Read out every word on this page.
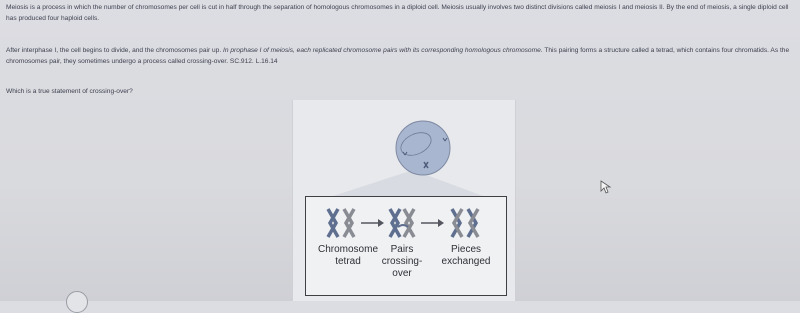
Meiosis is a process in which the number of chromosomes per cell is cut in half through the separation of homologous chromosomes in a diploid cell. Meiosis usually involves two distinct divisions called meiosis I and meiosis II. By the end of meiosis, a single diploid cell has produced four haploid cells.

After interphase I, the cell begins to divide, and the chromosomes pair up. In prophase I of meiosis, each replicated chromosome pairs with its corresponding homologous chromosome. This pairing forms a structure called a tetrad, which contains four chromatids. As the chromosomes pair, they sometimes undergo a process called crossing-over. SC.912. L.16.14

Which is a true statement of crossing-over?

Chromosome tetrad
Pairs crossing-over
Pieces exchanged
